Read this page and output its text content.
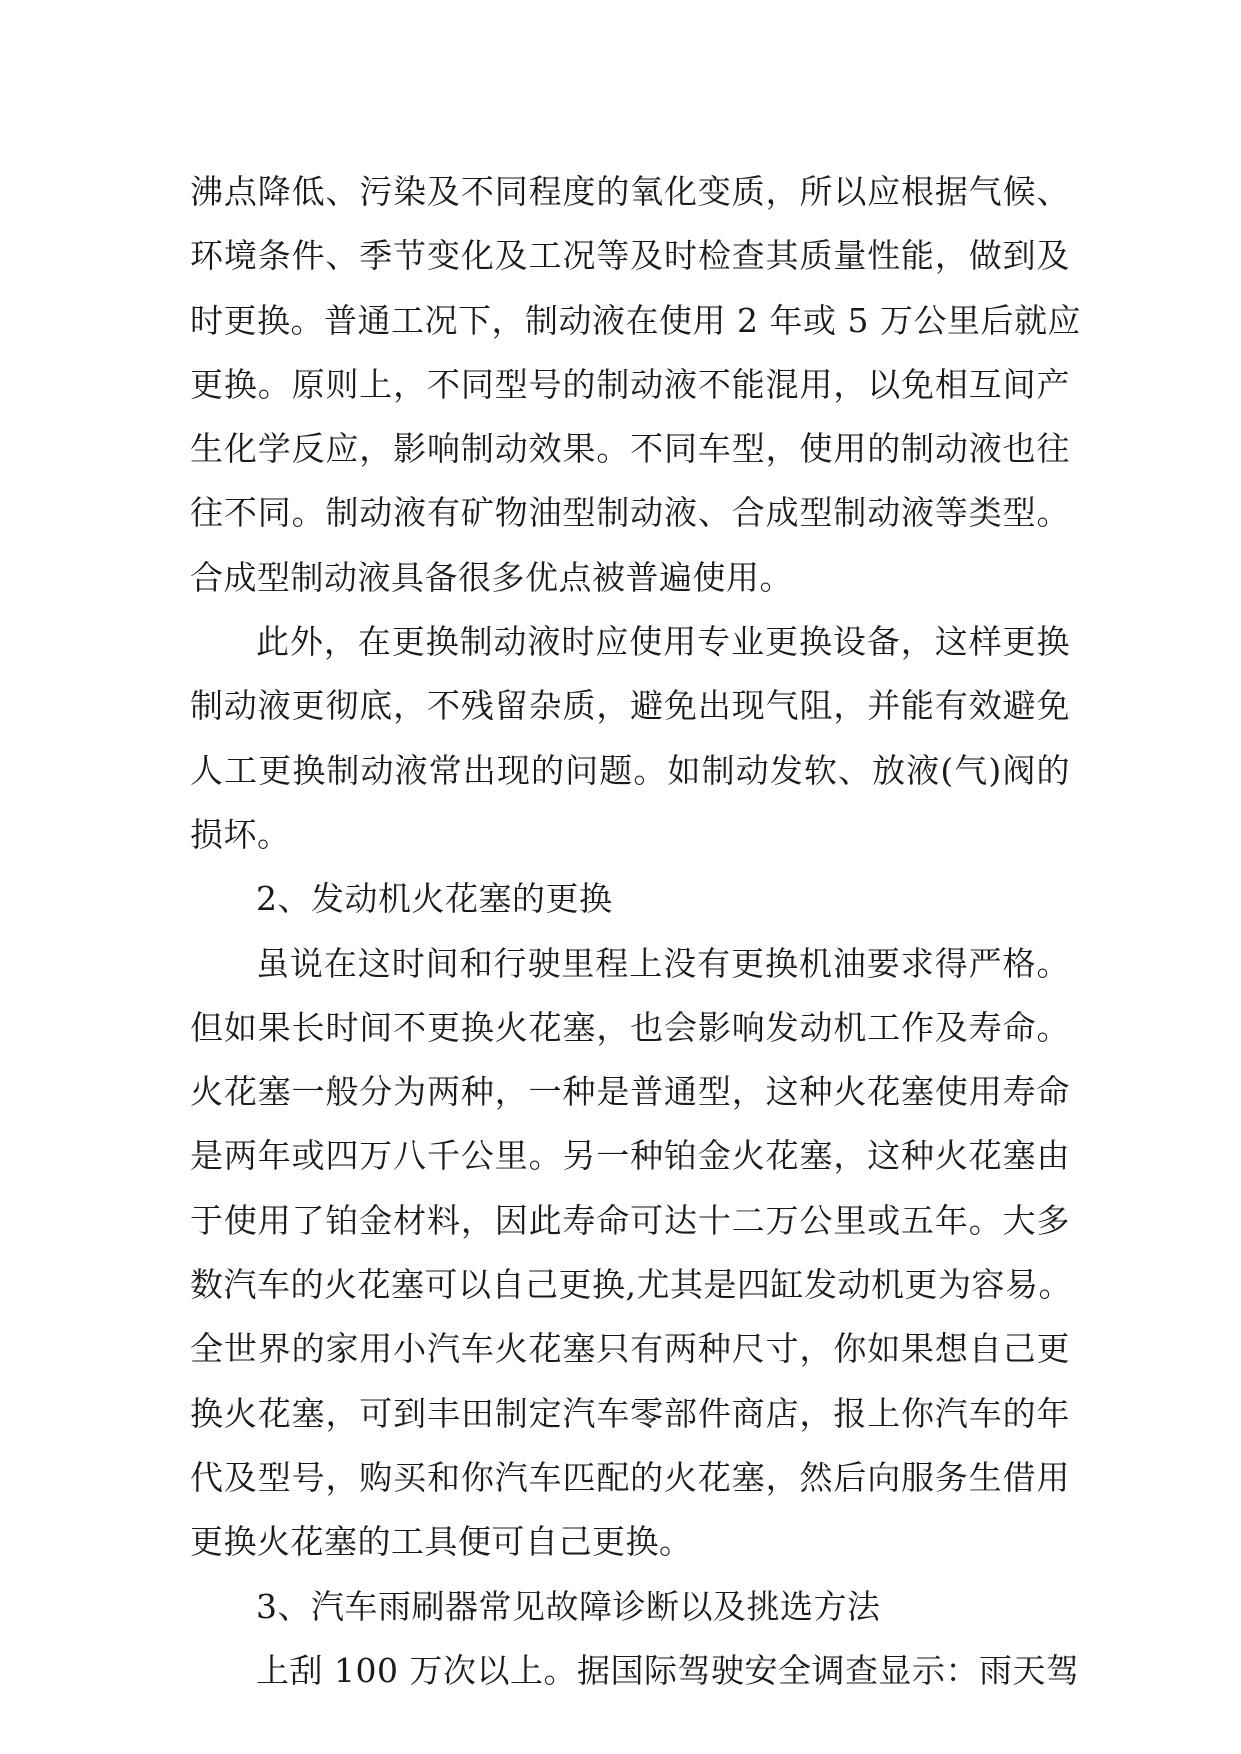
沸点降低、污染及不同程度的氧化变质，所以应根据气候、
环境条件、季节变化及工况等及时检查其质量性能，做到及
时更换。普通工况下，制动液在使用 2 年或 5 万公里后就应
更换。原则上，不同型号的制动液不能混用，以免相互间产
生化学反应，影响制动效果。不同车型，使用的制动液也往
往不同。制动液有矿物油型制动液、合成型制动液等类型。
合成型制动液具备很多优点被普遍使用。
此外，在更换制动液时应使用专业更换设备，这样更换
制动液更彻底，不残留杂质，避免出现气阻，并能有效避免
人工更换制动液常出现的问题。如制动发软、放液(气)阀的
损坏。
2、发动机火花塞的更换
虽说在这时间和行驶里程上没有更换机油要求得严格。
但如果长时间不更换火花塞，也会影响发动机工作及寿命。
火花塞一般分为两种，一种是普通型，这种火花塞使用寿命
是两年或四万八千公里。另一种铂金火花塞，这种火花塞由
于使用了铂金材料，因此寿命可达十二万公里或五年。大多
数汽车的火花塞可以自己更换,尤其是四缸发动机更为容易。
全世界的家用小汽车火花塞只有两种尺寸，你如果想自己更
换火花塞，可到丰田制定汽车零部件商店，报上你汽车的年
代及型号，购买和你汽车匹配的火花塞，然后向服务生借用
更换火花塞的工具便可自己更换。
3、汽车雨刷器常见故障诊断以及挑选方法
上刮 100 万次以上。据国际驾驶安全调查显示：雨天驾
